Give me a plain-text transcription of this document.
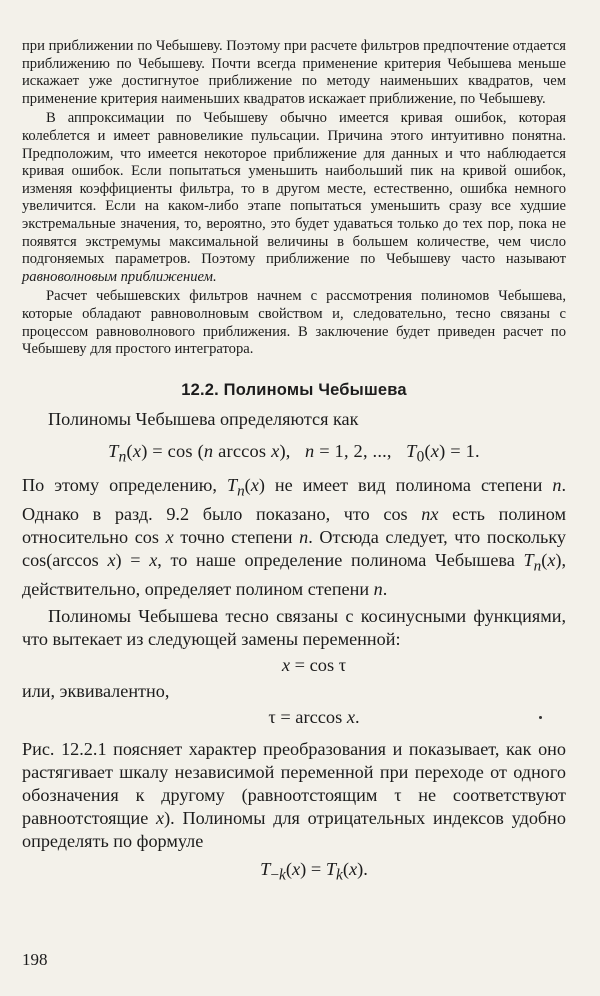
при приближении по Чебышеву. Поэтому при расчете фильтров предпочтение отдается приближению по Чебышеву. Почти всегда применение критерия Чебышева меньше искажает уже достигнутое приближение по методу наименьших квадратов, чем применение критерия наименьших квадратов искажает приближение, по Чебышеву.

В аппроксимации по Чебышеву обычно имеется кривая ошибок, которая колеблется и имеет равновеликие пульсации. Причина этого интуитивно понятна. Предположим, что имеется некоторое приближение для данных и что наблюдается кривая ошибок. Если попытаться уменьшить наибольший пик на кривой ошибок, изменяя коэффициенты фильтра, то в другом месте, естественно, ошибка немного увеличится. Если на каком-либо этапе попытаться уменьшить сразу все худшие экстремальные значения, то, вероятно, это будет удаваться только до тех пор, пока не появятся экстремумы максимальной величины в большем количестве, чем число подгоняемых параметров. Поэтому приближение по Чебышеву часто называют равноволновым приближением.

Расчет чебышевских фильтров начнем с рассмотрения полиномов Чебышева, которые обладают равноволновым свойством и, следовательно, тесно связаны с процессом равноволнового приближения. В заключение будет приведен расчет по Чебышеву для простого интегратора.

12.2. Полиномы Чебышева

Полиномы Чебышева определяются как

$T_n(x) = \cos (n$ arccos x),   n = 1, 2, ...,   $T_0(x) = 1$.

По этому определению, $T_n(x)$ не имеет вид полинома степени n. Однако в разд. 9.2 было показано, что cos nx есть полином относительно cos x точно степени n. Отсюда следует, что поскольку cos(arccos x) = x, то наше определение полинома Чебышева $T_n(x)$, действительно, определяет полином степени n.

Полиномы Чебышева тесно связаны с косинусными функциями, что вытекает из следующей замены переменной:

x = cos τ

или, эквивалентно,

τ = arccos x.

Рис. 12.2.1 поясняет характер преобразования и показывает, как оно растягивает шкалу независимой переменной при переходе от одного обозначения к другому (равноотстоящим τ не соответствуют равноотстоящие x). Полиномы для отрицательных индексов удобно определять по формуле

$T_{-k}(x) = T_k(x)$.
198
